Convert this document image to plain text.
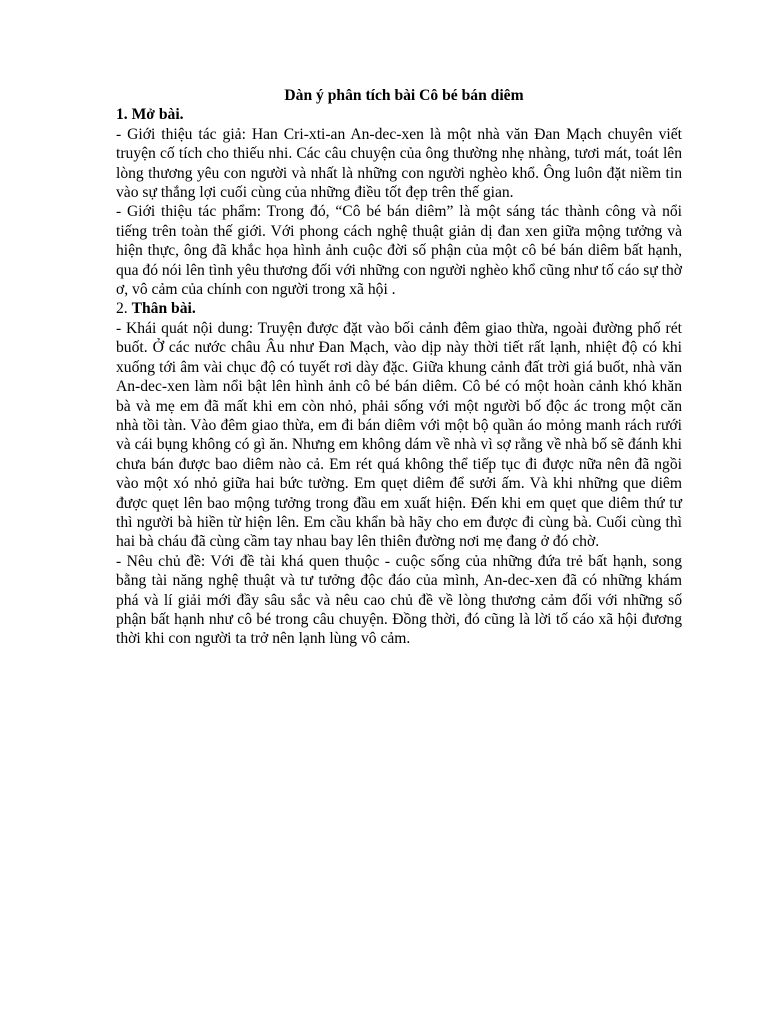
Dàn ý phân tích bài Cô bé bán diêm

1. Mở bài.

- Giới thiệu tác giả: Han Cri-xti-an An-dec-xen là một nhà văn Đan Mạch chuyên viết truyện cố tích cho thiếu nhi. Các câu chuyện của ông thường nhẹ nhàng, tươi mát, toát lên lòng thương yêu con người và nhất là những con người nghèo khổ. Ông luôn đặt niềm tin vào sự thắng lợi cuối cùng của những điều tốt đẹp trên thế gian.

- Giới thiệu tác phẩm: Trong đó, “Cô bé bán diêm” là một sáng tác thành công và nổi tiếng trên toàn thế giới. Với phong cách nghệ thuật giản dị đan xen giữa mộng tưởng và hiện thực, ông đã khắc họa hình ảnh cuộc đời số phận của một cô bé bán diêm bất hạnh, qua đó nói lên tình yêu thương đối với những con người nghèo khổ cũng như tố cáo sự thờ ơ, vô cảm của chính con người trong xã hội .

2. Thân bài.

- Khái quát nội dung: Truyện được đặt vào bối cảnh đêm giao thừa, ngoài đường phố rét buốt. Ở các nước châu Âu như Đan Mạch, vào dịp này thời tiết rất lạnh, nhiệt độ có khi xuống tới âm vài chục độ có tuyết rơi dày đặc. Giữa khung cảnh đất trời giá buốt, nhà văn An-dec-xen làm nổi bật lên hình ảnh cô bé bán diêm. Cô bé có một hoàn cảnh khó khăn bà và mẹ em đã mất khi em còn nhỏ, phải sống với một người bố độc ác trong một căn nhà tồi tàn. Vào đêm giao thừa, em đi bán diêm với một bộ quần áo mỏng manh rách rưới và cái bụng không có gì ăn. Nhưng em không dám về nhà vì sợ rằng về nhà bố sẽ đánh khi chưa bán được bao diêm nào cả. Em rét quá không thể tiếp tục đi được nữa nên đã ngồi vào một xó nhỏ giữa hai bức tường. Em quẹt diêm để sưởi ấm. Và khi những que diêm được quẹt lên bao mộng tưởng trong đầu em xuất hiện. Đến khi em quẹt que diêm thứ tư thì người bà hiền từ hiện lên. Em cầu khẩn bà hãy cho em được đi cùng bà. Cuối cùng thì hai bà cháu đã cùng cầm tay nhau bay lên thiên đường nơi mẹ đang ở đó chờ.

- Nêu chủ đề: Với đề tài khá quen thuộc - cuộc sống của những đứa trẻ bất hạnh, song bằng tài năng nghệ thuật và tư tưởng độc đáo của mình, An-dec-xen đã có những khám phá và lí giải mới đầy sâu sắc và nêu cao chủ đề về lòng thương cảm đối với những số phận bất hạnh như cô bé trong câu chuyện. Đồng thời, đó cũng là lời tố cáo xã hội đương thời khi con người ta trở nên lạnh lùng vô cảm.
